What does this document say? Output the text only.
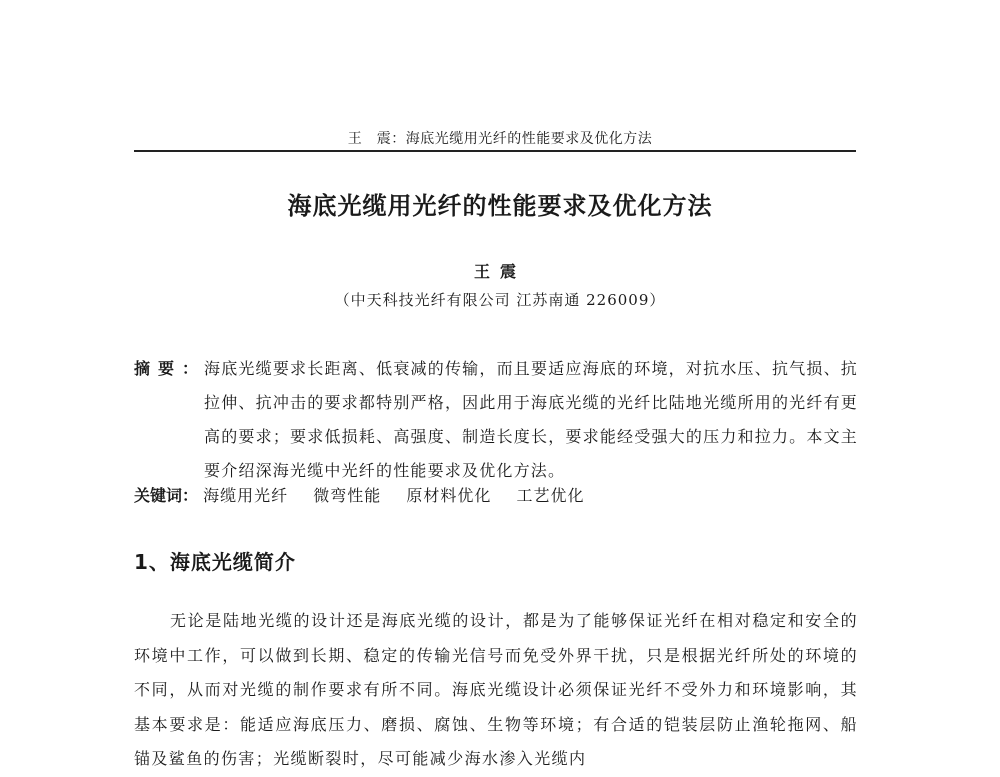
王　震：海底光缆用光纤的性能要求及优化方法
海底光缆用光纤的性能要求及优化方法
王震
（中天科技光纤有限公司 江苏南通 226009）
摘要：
海底光缆要求长距离、低衰减的传输，而且要适应海底的环境，对抗水压、抗气损、抗拉伸、抗冲击的要求都特别严格，因此用于海底光缆的光纤比陆地光缆所用的光纤有更高的要求；要求低损耗、高强度、制造长度长，要求能经受强大的压力和拉力。本文主要介绍深海光缆中光纤的性能要求及优化方法。
关键词： 海缆用光纤 微弯性能 原材料优化 工艺优化
1、海底光缆简介
无论是陆地光缆的设计还是海底光缆的设计，都是为了能够保证光纤在相对稳定和安全的环境中工作，可以做到长期、稳定的传输光信号而免受外界干扰，只是根据光纤所处的环境的不同，从而对光缆的制作要求有所不同。海底光缆设计必须保证光纤不受外力和环境影响，其基本要求是：能适应海底压力、磨损、腐蚀、生物等环境；有合适的铠装层防止渔轮拖网、船锚及鲨鱼的伤害；光缆断裂时，尽可能减少海水渗入光缆内
